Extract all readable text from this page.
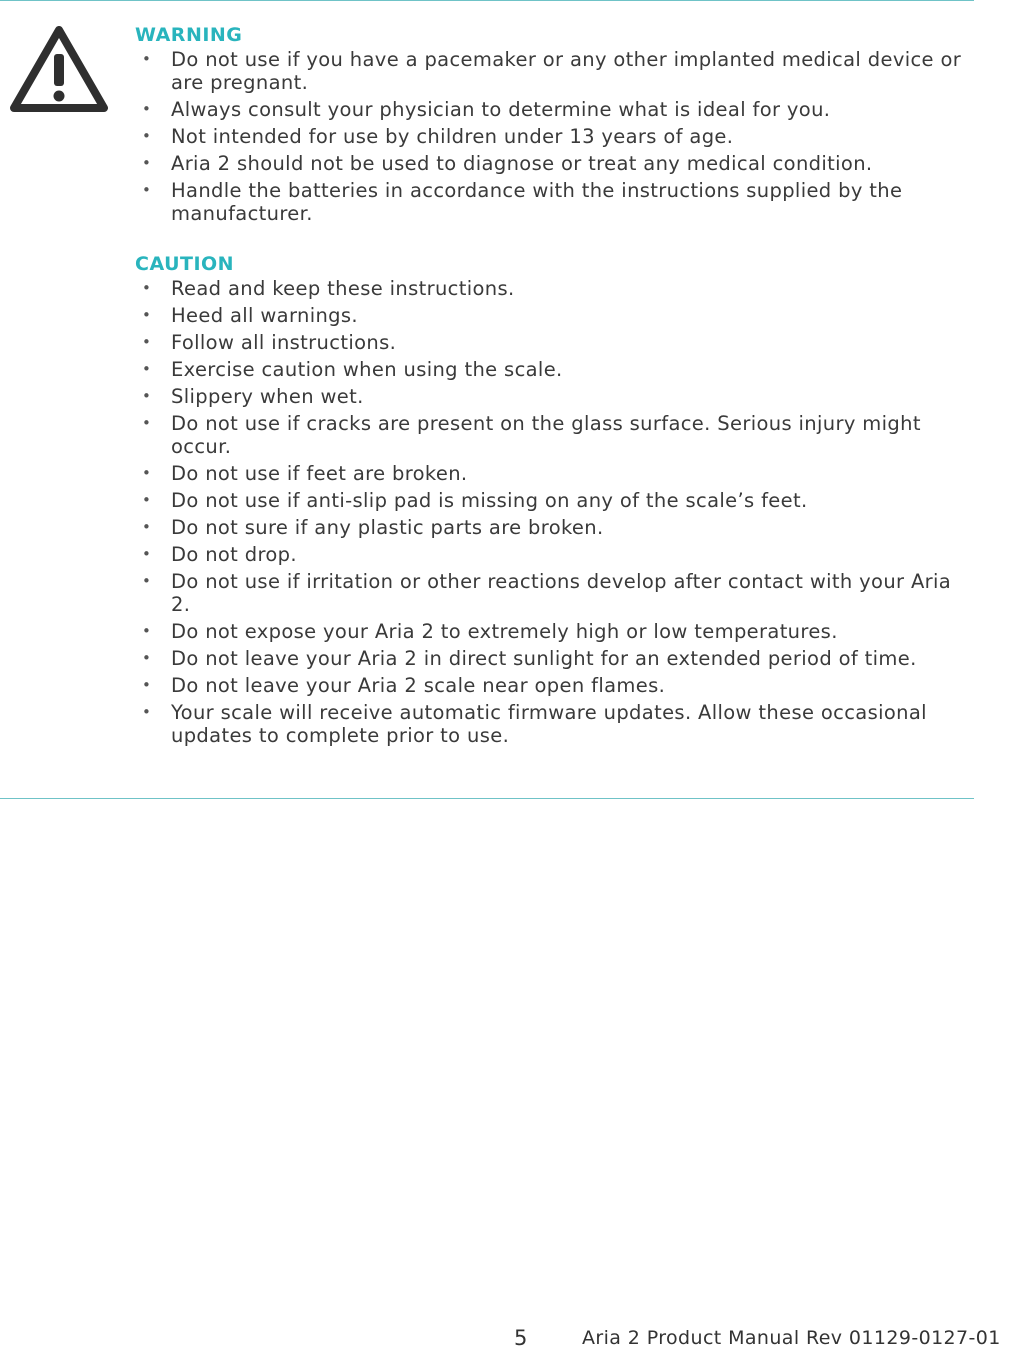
WARNING
• Do not use if you have a pacemaker or any other implanted medical device or are pregnant.
• Always consult your physician to determine what is ideal for you.
• Not intended for use by children under 13 years of age.
• Aria 2 should not be used to diagnose or treat any medical condition.
• Handle the batteries in accordance with the instructions supplied by the manufacturer.
CAUTION
• Read and keep these instructions.
• Heed all warnings.
• Follow all instructions.
• Exercise caution when using the scale.
• Slippery when wet.
• Do not use if cracks are present on the glass surface. Serious injury might occur.
• Do not use if feet are broken.
• Do not use if anti-slip pad is missing on any of the scale’s feet.
• Do not sure if any plastic parts are broken.
• Do not drop.
• Do not use if irritation or other reactions develop after contact with your Aria 2.
• Do not expose your Aria 2 to extremely high or low temperatures.
• Do not leave your Aria 2 in direct sunlight for an extended period of time.
• Do not leave your Aria 2 scale near open flames.
• Your scale will receive automatic firmware updates. Allow these occasional updates to complete prior to use.
5	Aria 2 Product Manual Rev 01129-0127-01
